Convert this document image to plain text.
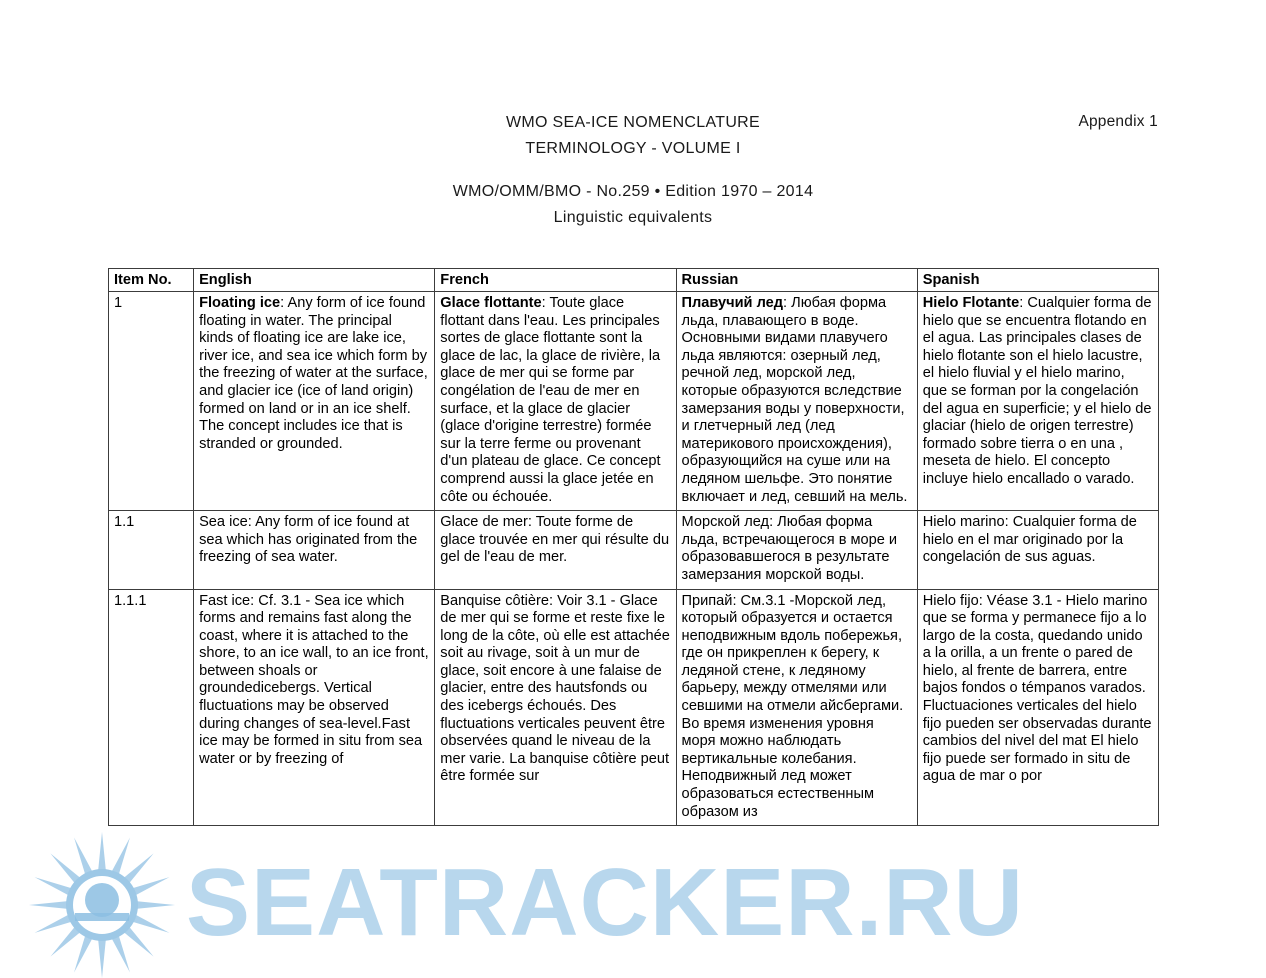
Appendix 1
WMO SEA-ICE NOMENCLATURE
TERMINOLOGY - VOLUME I
WMO/OMM/BMO - No.259 • Edition 1970 – 2014
Linguistic equivalents
Item No.	English	French	Russian	Spanish
1	Floating ice: Any form of ice found floating in water. The principal kinds of floating ice are lake ice, river ice, and sea ice which form by the freezing of water at the surface, and glacier ice (ice of land origin) formed on land or in an ice shelf. The concept includes ice that is stranded or grounded.	Glace flottante: Toute glace flottant dans l'eau. Les principales sortes de glace flottante sont la glace de lac, la glace de rivière, la glace de mer qui se forme par congélation de l'eau de mer en surface, et la glace de glacier (glace d'origine terrestre) formée sur la terre ferme ou provenant d'un plateau de glace. Ce concept comprend aussi la glace jetée en côte ou échouée.	Плавучий лед: Любая форма льда, плавающего в воде. Основными видами плавучего льда являются: озерный лед, речной лед, морской лед, которые образуются вследствие замерзания воды у поверхности, и глетчерный лед (лед материкового происхождения), образующийся на суше или на ледяном шельфе. Это понятие включает и лед, севший на мель.	Hielo Flotante: Cualquier forma de hielo que se encuentra flotando en el agua. Las principales clases de hielo flotante son el hielo lacustre, el hielo fluvial y el hielo marino, que se forman por la congelación del agua en superficie; y el hielo de glaciar (hielo de origen terrestre) formado sobre tierra o en una , meseta de hielo. El concepto incluye hielo encallado o varado.
1.1	Sea ice: Any form of ice found at sea which has originated from the freezing of sea water.	Glace de mer: Toute forme de glace trouvée en mer qui résulte du gel de l'eau de mer.	Морской лед: Любая форма льда, встречающегося в море и образовавшегося в результате замерзания морской воды.	Hielo marino: Cualquier forma de hielo en el mar originado por la congelación de sus aguas.
1.1.1	Fast ice: Cf. 3.1 - Sea ice which forms and remains fast along the coast, where it is attached to the shore, to an ice wall, to an ice front, between shoals or groundedicebergs. Vertical fluctuations may be observed during changes of sea-level.Fast ice may be formed in situ from sea water or by freezing of	Banquise côtière: Voir 3.1 - Glace de mer qui se forme et reste fixe le long de la côte, où elle est attachée soit au rivage, soit à un mur de glace, soit encore à une falaise de glacier, entre des hautsfonds ou des icebergs échoués. Des fluctuations verticales peuvent être observées quand le niveau de la mer varie. La banquise côtière peut être formée sur	Припай: См.3.1 -Морской лед, который образуется и остается неподвижным вдоль побережья, где он прикреплен к берегу, к ледяной стене, к ледяному барьеру, между отмелями или севшими на отмели айсбергами. Во время изменения уровня моря можно наблюдать вертикальные колебания. Неподвижный лед может образоваться естественным образом из	Hielo fijo: Véase 3.1 - Hielo marino que se forma y permanece fijo a lo largo de la costa, quedando unido a la orilla, a un frente o pared de hielo, al frente de barrera, entre bajos fondos o témpanos varados. Fluctuaciones verticales del hielo fijo pueden ser observadas durante cambios del nivel del mat El hielo fijo puede ser formado in situ de agua de mar o por
SEATRACKER.RU
